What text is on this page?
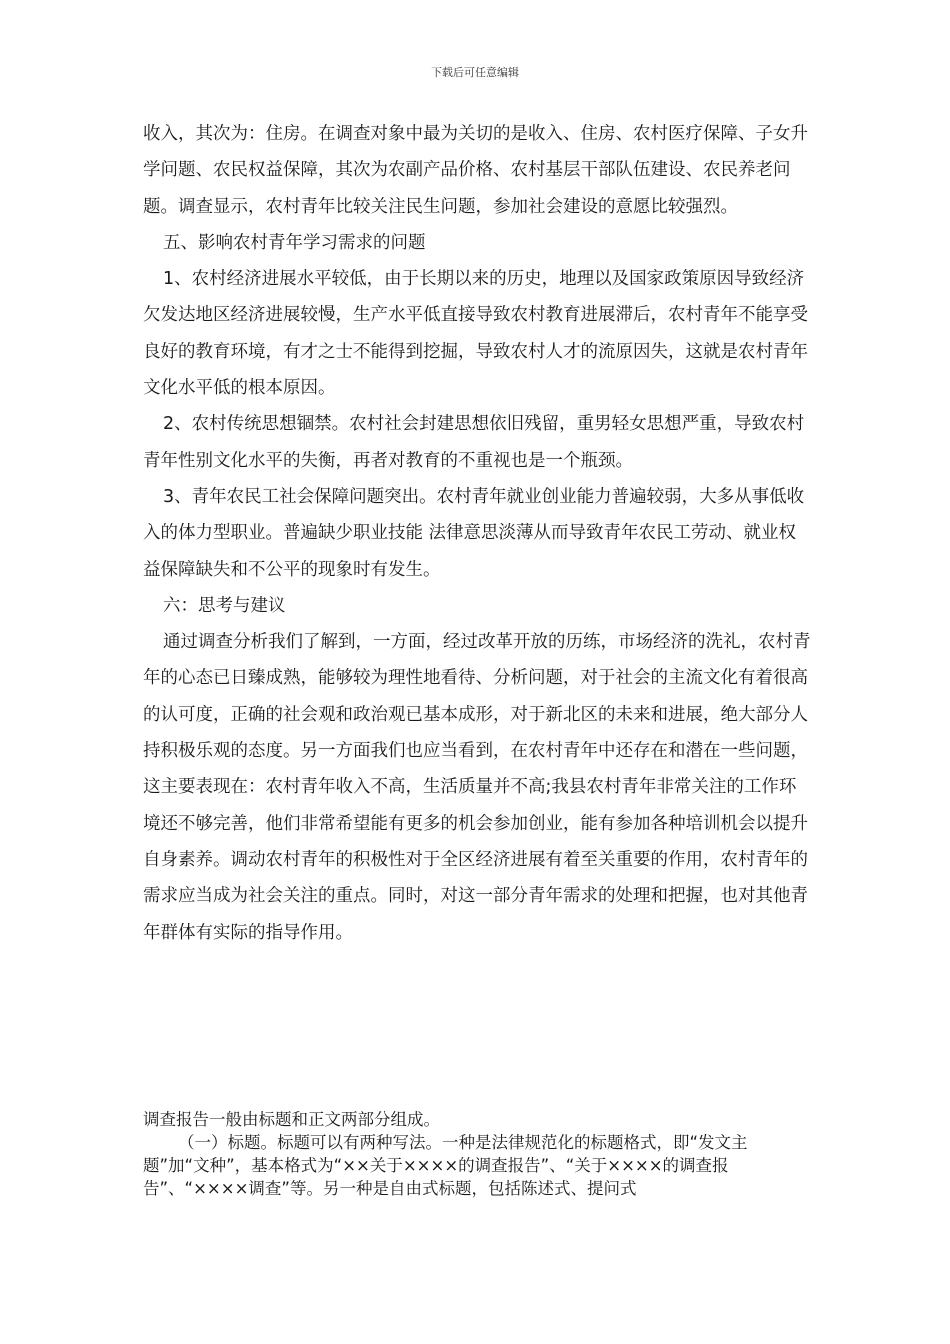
下载后可任意编辑

收入，其次为：住房。在调查对象中最为关切的是收入、住房、农村医疗保障、子女升学问题、农民权益保障，其次为农副产品价格、农村基层干部队伍建设、农民养老问题。调查显示，农村青年比较关注民生问题，参加社会建设的意愿比较强烈。

五、影响农村青年学习需求的问题

1、农村经济进展水平较低，由于长期以来的历史，地理以及国家政策原因导致经济欠发达地区经济进展较慢，生产水平低直接导致农村教育进展滞后，农村青年不能享受良好的教育环境，有才之士不能得到挖掘，导致农村人才的流原因失，这就是农村青年文化水平低的根本原因。

2、农村传统思想锢禁。农村社会封建思想依旧残留，重男轻女思想严重，导致农村青年性别文化水平的失衡，再者对教育的不重视也是一个瓶颈。

3、青年农民工社会保障问题突出。农村青年就业创业能力普遍较弱，大多从事低收入的体力型职业。普遍缺少职业技能 法律意思淡薄从而导致青年农民工劳动、就业权益保障缺失和不公平的现象时有发生。

六：思考与建议

通过调查分析我们了解到，一方面，经过改革开放的历练，市场经济的洗礼，农村青年的心态已日臻成熟，能够较为理性地看待、分析问题，对于社会的主流文化有着很高的认可度，正确的社会观和政治观已基本成形，对于新北区的未来和进展，绝大部分人持积极乐观的态度。另一方面我们也应当看到，在农村青年中还存在和潜在一些问题，这主要表现在：农村青年收入不高，生活质量并不高;我县农村青年非常关注的工作环境还不够完善，他们非常希望能有更多的机会参加创业，能有参加各种培训机会以提升自身素养。调动农村青年的积极性对于全区经济进展有着至关重要的作用，农村青年的需求应当成为社会关注的重点。同时，对这一部分青年需求的处理和把握，也对其他青年群体有实际的指导作用。

调查报告一般由标题和正文两部分组成。

（一）标题。标题可以有两种写法。一种是法律规范化的标题格式，即“发文主题”加“文种”，基本格式为“××关于××××的调查报告”、“关于××××的调查报告”、“××××调查”等。另一种是自由式标题，包括陈述式、提问式
